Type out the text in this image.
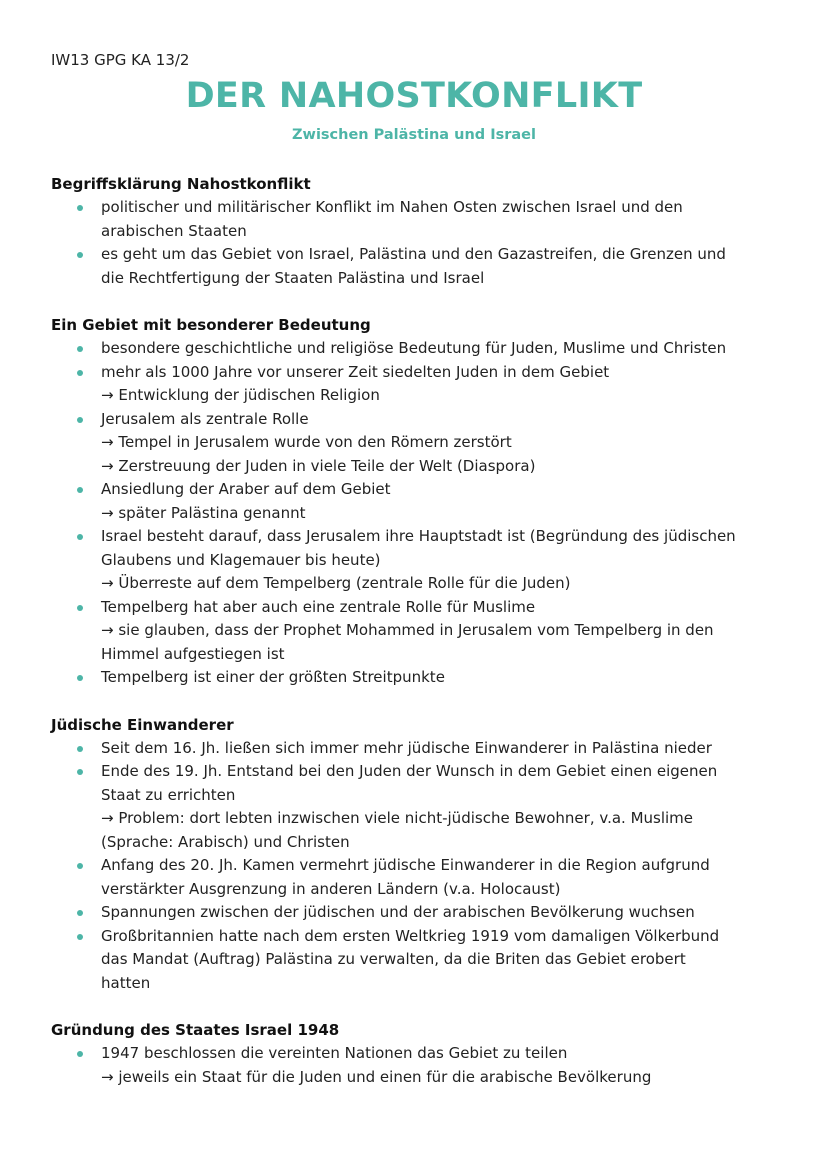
IW13 GPG KA 13/2
DER NAHOSTKONFLIKT
Zwischen Palästina und Israel
Begriffsklärung Nahostkonflikt
politischer und militärischer Konflikt im Nahen Osten zwischen Israel und den
arabischen Staaten
es geht um das Gebiet von Israel, Palästina und den Gazastreifen, die Grenzen und
die Rechtfertigung der Staaten Palästina und Israel
Ein Gebiet mit besonderer Bedeutung
besondere geschichtliche und religiöse Bedeutung für Juden, Muslime und Christen
mehr als 1000 Jahre vor unserer Zeit siedelten Juden in dem Gebiet
→ Entwicklung der jüdischen Religion
Jerusalem als zentrale Rolle
→ Tempel in Jerusalem wurde von den Römern zerstört
→ Zerstreuung der Juden in viele Teile der Welt (Diaspora)
Ansiedlung der Araber auf dem Gebiet
→ später Palästina genannt
Israel besteht darauf, dass Jerusalem ihre Hauptstadt ist (Begründung des jüdischen
Glaubens und Klagemauer bis heute)
→ Überreste auf dem Tempelberg (zentrale Rolle für die Juden)
Tempelberg hat aber auch eine zentrale Rolle für Muslime
→ sie glauben, dass der Prophet Mohammed in Jerusalem vom Tempelberg in den
Himmel aufgestiegen ist
Tempelberg ist einer der größten Streitpunkte
Jüdische Einwanderer
Seit dem 16. Jh. ließen sich immer mehr jüdische Einwanderer in Palästina nieder
Ende des 19. Jh. Entstand bei den Juden der Wunsch in dem Gebiet einen eigenen
Staat zu errichten
→ Problem: dort lebten inzwischen viele nicht-jüdische Bewohner, v.a. Muslime
(Sprache: Arabisch) und Christen
Anfang des 20. Jh. Kamen vermehrt jüdische Einwanderer in die Region aufgrund
verstärkter Ausgrenzung in anderen Ländern (v.a. Holocaust)
Spannungen zwischen der jüdischen und der arabischen Bevölkerung wuchsen
Großbritannien hatte nach dem ersten Weltkrieg 1919 vom damaligen Völkerbund
das Mandat (Auftrag) Palästina zu verwalten, da die Briten das Gebiet erobert
hatten
Gründung des Staates Israel 1948
1947 beschlossen die vereinten Nationen das Gebiet zu teilen
→ jeweils ein Staat für die Juden und einen für die arabische Bevölkerung
